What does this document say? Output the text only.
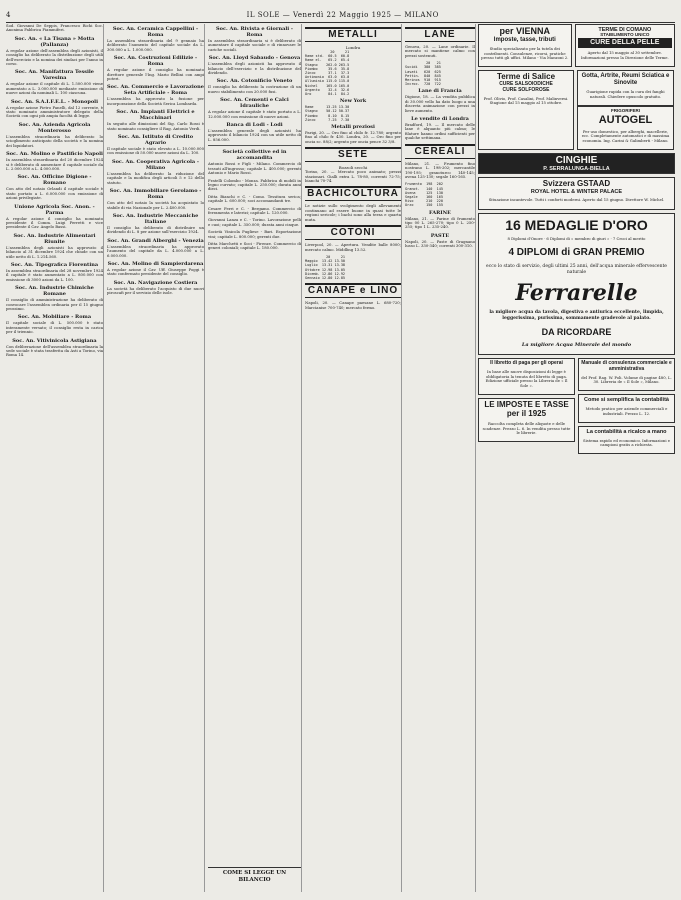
4	IL SOLE — Venerdì 22 Maggio 1925 — MILANO

Sod. Giovanni De Seppis, Francesco Richi Soc. Anonima Fabbrica Fiammiferi.

Soc. An. « La Tisana » Motta (Pallanza)

A regolar azione dell'assemblea degli azionisti, il consiglio ha deliberato la distribuzione degli utili dell'esercizio e la nomina dei sindaci per l'anno in corso.

Soc. An. Manifattura Tessile Varesina

A regolar azione il capitale di L. 1.500.000 viene aumentato a L. 3.000.000 mediante emissione di nuove azioni da nominali L. 100 ciascuna.

Soc. An. S.A.I.F.E.L. - Monopoli

A regolar azione Pietro Fanelli, dal 12 corrente, è stato nominato amministratore delegato della Società con ogni più ampia facoltà di legge.

Soc. An. Azienda Agricola Monterosso

L'assemblea straordinaria ha deliberato lo scioglimento anticipato della società e la nomina dei liquidatori.

Soc. An. Molino e Pastificio Napoli

In assemblea straordinaria del 20 dicembre 1924 si è deliberato di aumentare il capitale sociale da L. 2.000.000 a L. 4.000.000.

Soc. An. Officine Digione - Romano

Con atto del notaio Orlandi il capitale sociale è stato portato a L. 6.000.000 con emissione di azioni privilegiate.

Unione Agricola Soc. Anon. - Parma

A regolar azione il consiglio ha nominato presidente il Comm. Luigi Ferretti e vice presidente il Cav. Angelo Bassi.

Soc. An. Industrie Alimentari Riunite

L'assemblea degli azionisti ha approvato il bilancio al 31 dicembre 1924 che chiude con un utile netto di L. 1.214.560.

Soc. An. Tipografica Fiorentina

In assemblea straordinaria del 28 novembre 1924 il capitale è stato aumentato a L. 800.000 con emissione di 3000 azioni da L. 100.

Soc. An. Industrie Chimiche Romane

Il consiglio di amministrazione ha deliberato di convocare l'assemblea ordinaria per il 15 giugno prossimo.

Soc. An. Mobiliare - Roma

Il capitale sociale di L. 500.000 è stato interamente versato; il consiglio resta in carica per il triennio.

Soc. An. Vitivinicola Astigiana

Con deliberazione dell'assemblea straordinaria la sede sociale è stata trasferita da Asti a Torino, via Roma 14.

Soc. An. Ceramica Cappellini - Roma

La assemblea straordinaria del 9 gennaio ha deliberato l'aumento del capitale sociale da L. 300.000 a L. 1.000.000.

Soc. An. Costruzioni Edilizie - Roma

A regolar azione il consiglio ha nominato direttore generale l'Ing. Mario Bellini con ampi poteri.

Soc. An. Commercio e Lavorazione Seta Artificiale - Roma

L'assemblea ha approvato la fusione per incorporazione della Società Serica Lombarda.

Soc. An. Impianti Elettrici e Macchinari

In seguito alle dimissioni del Sig. Carlo Rossi è stato nominato consigliere il Rag. Antonio Verdi.

Soc. An. Istituto di Credito Agrario

Il capitale sociale è stato elevato a L. 10.000.000 con emissione di 50.000 nuove azioni da L. 100.

Soc. An. Cooperativa Agricola - Milano

L'assemblea ha deliberato la riduzione del capitale e la modifica degli articoli 5 e 12 dello statuto.

Soc. An. Immobiliare Gerolamo - Roma

Con atto del notaio la società ha acquistato lo stabile di via Nazionale per L. 2.400.000.

Soc. An. Industrie Meccaniche Italiane

Il consiglio ha deliberato di distribuire un dividendo di L. 8 per azione sull'esercizio 1924.

Soc. An. Grandi Alberghi - Venezia

L'assemblea straordinaria ha approvato l'aumento del capitale da L. 4.000.000 a L. 6.000.000.

Soc. An. Molino di Sampierdarena

A regolar azione il Cav. Uff. Giuseppe Poggi è stato confermato presidente del consiglio.

Soc. An. Navigazione Costiera

La società ha deliberato l'acquisto di due nuovi piroscafi per il servizio delle isole.

Soc. An. Rivista e Giornali - Roma

In assemblea straordinaria si è deliberato di aumentare il capitale sociale e di rinnovare le cariche sociali.

Soc. An. Lloyd Sabaudo - Genova

L'assemblea degli azionisti ha approvato il bilancio dell'esercizio e la distribuzione del dividendo.

Soc. An. Cotonificio Veneto

Il consiglio ha deliberato la costruzione di un nuovo stabilimento con 20.000 fusi.

Soc. An. Cementi e Calci Idrauliche

A regolar azione il capitale è stato portato a L. 12.000.000 con emissione di nuove azioni.

Banca di Lodi - Lodi

L'assemblea generale degli azionisti ha approvato il bilancio 1924 con un utile netto di L. 856.000.

Società collettive ed in accomandita

Antonio Rossi e Figli - Milano. Commercio di tessuti all'ingrosso; capitale L. 400.000; gerenti Antonio e Mario Rossi.

Fratelli Colombo - Monza. Fabbrica di mobili in legno curvato; capitale L. 250.000; durata anni dieci.

Ditta Bianchi e C. - Como. Tessitura serica; capitale L. 600.000; soci accomandanti tre.

Cesare Ferri e C. - Bergamo. Commercio di ferramenta e laterizi; capitale L. 120.000.

Giovanni Lanza e C. - Torino. Lavorazione pelli e cuoi; capitale L. 350.000; durata anni cinque.

Società Vinicola Pugliese - Bari. Esportazione vini; capitale L. 800.000; gerenti due.

Ditta Marchetti e Soci - Firenze. Commercio di generi coloniali; capitale L. 180.000.

COME SI LEGGE UN BILANCIO
METALLI
Londra
20     21
Rame std.  60.5  60.8
Rame el.   65.2  65.4
Stagno    262.0 263.5
Piombo     35.6  35.8
Zinco      37.1  37.3
Antimonio  63.0  63.0
Alluminio 115.0 115.0
Nichel    165.0 165.0
Argento    32.4  32.6
Oro        84.1  84.2

New York

Rame      13.25 13.30
Stagno    50.12 50.37
Piombo     8.10  8.15
Zinco      7.25  7.30

Metalli preziosi

Parigi, 20. — Oro fino al chilo fr. 12.780; argento fino al chilo fr. 430. Londra, 20. — Oro fino per oncia sc. 88/2; argento per oncia pence 32 3/8.

SETE
Bozzoli secchi

Torino, 20. — Mercato poco animato; prezzi stazionari. Gialli extra L. 78-80, correnti 72-75; bianchi 70-74.

BACHICOLTURA

Le notizie sullo svolgimento degli allevamenti continuano ad essere buone in quasi tutte le regioni sericole; i bachi sono alla terza e quarta muta.

COTONI

Liverpool, 20. — Apertura. Vendite balle 8000; mercato calmo. Middling 13.52.

20     21
Maggio  13.42 13.50
Luglio  13.31 13.38
Ottobre 12.98 13.05
Dicemb. 12.86 12.92
Gennaio 12.80 12.85
CANAPE e LINO

Napoli, 20. — Canape paesane L. 680-720; Marcianise 700-740; mercato fermo.

LANE

Genova, 20. — Lane ordinarie. Il mercato si mantiene calmo con prezzi sostenuti.

20   21
Sucidi   380  385
Lavati   620  625
Pettin.  840  845
Merinos  910  915
Incroc.  720  722

Lane di Francia

Digione, 18. — La vendita pubblica di 30.000 vello ha dato luogo a una discreta animazione con prezzi in lieve aumento.

Le vendite di Londra

Bradford, 19. — Il mercato delle lane è alquanto più calmo; le filature hanno ordini sufficienti per qualche settimana.

CEREALI

Milano, 21. — Frumento fino nostrano L. 198-202; mercantile 190-195; granoturco 140-145; avena 125-130; segale 160-165.

Frumento  198  202
Granot.   140  145
Avena     125  130
Segale    160  165
Riso      210  220
Orzo      150  155

FARINE

Milano, 21. — Farine di frumento tipo 00 L. 265-270; tipo 0 L. 250-255; tipo 1 L. 235-240.

PASTE

Napoli, 20. — Paste di Gragnano lusso L. 330-340; correnti 300-310.

per VIENNA
Imposte, tasse, tributi

Studio specializzato per la tutela dei contribuenti. Consulenze, ricorsi, pratiche presso tutti gli uffici. Milano - Via Manzoni 2.

TERME DI COMANO
STABILIMENTO UNICO
CURE DELLA PELLE

Aperto dal 15 maggio al 30 settembre. Informazioni presso la Direzione delle Terme.

Terme di Salice
CURE SALSOIODICHE
CURE SOLFOROSE

Prof. Olivio, Prof. Casalini, Prof. Malinverni. Stagione dal 15 maggio al 15 ottobre.

Gotta, Artrite, Reumi Sciatica e Sinovite

Guarigione rapida con la cura dei fanghi naturali. Chiedere opuscolo gratuito.

FRIGORIFERI
AUTOGEL

Per uso domestico, per alberghi, macellerie, ecc. Completamente automatici e di massima economia. Ing. Carini & Galimberti - Milano.

CINGHIE
P. SERRALUNGA-BIELLA
Svizzera GSTAAD
ROYAL HOTEL & WINTER PALACE

Situazione incantevole. Tutti i conforti moderni. Aperto dal 15 giugno. Direttore W. Michel.

16 MEDAGLIE D'ORO

8 Diplomi d'Onore · 6 Diplomi di « membro di giuri » · 7 Croci al merito

4 DIPLOMI di GRAN PREMIO

ecco lo stato di servizio, degli ultimi 25 anni, dell'acqua minerale effervescente naturale

Ferrarelle

la migliore acqua da tavola, digestiva e antiurica eccellente, limpida, leggerissima, purissima, sommamente gradevole al palato.

DA RICORDARE

La migliore Acqua Minerale del mondo

Il libretto di paga per gli operai

In base alle nuove disposizioni di legge è obbligatoria la tenuta del libretto di paga. Edizione ufficiale presso la Libreria de « Il Sole ».

LE IMPOSTE E TASSE per il 1925

Raccolta completa delle aliquote e delle scadenze. Prezzo L. 6. In vendita presso tutte le librerie.

Manuale di consulenza commerciale e amministrativa

del Prof. Rag. W. Poli. Volume di pagine 480, L. 30. Libreria de « Il Sole », Milano.

Come si semplifica la contabilità

Metodo pratico per aziende commerciali e industriali. Prezzo L. 12.

La contabilità a ricalco a mano

Sistema rapido ed economico. Informazioni e campioni gratis a richiesta.
